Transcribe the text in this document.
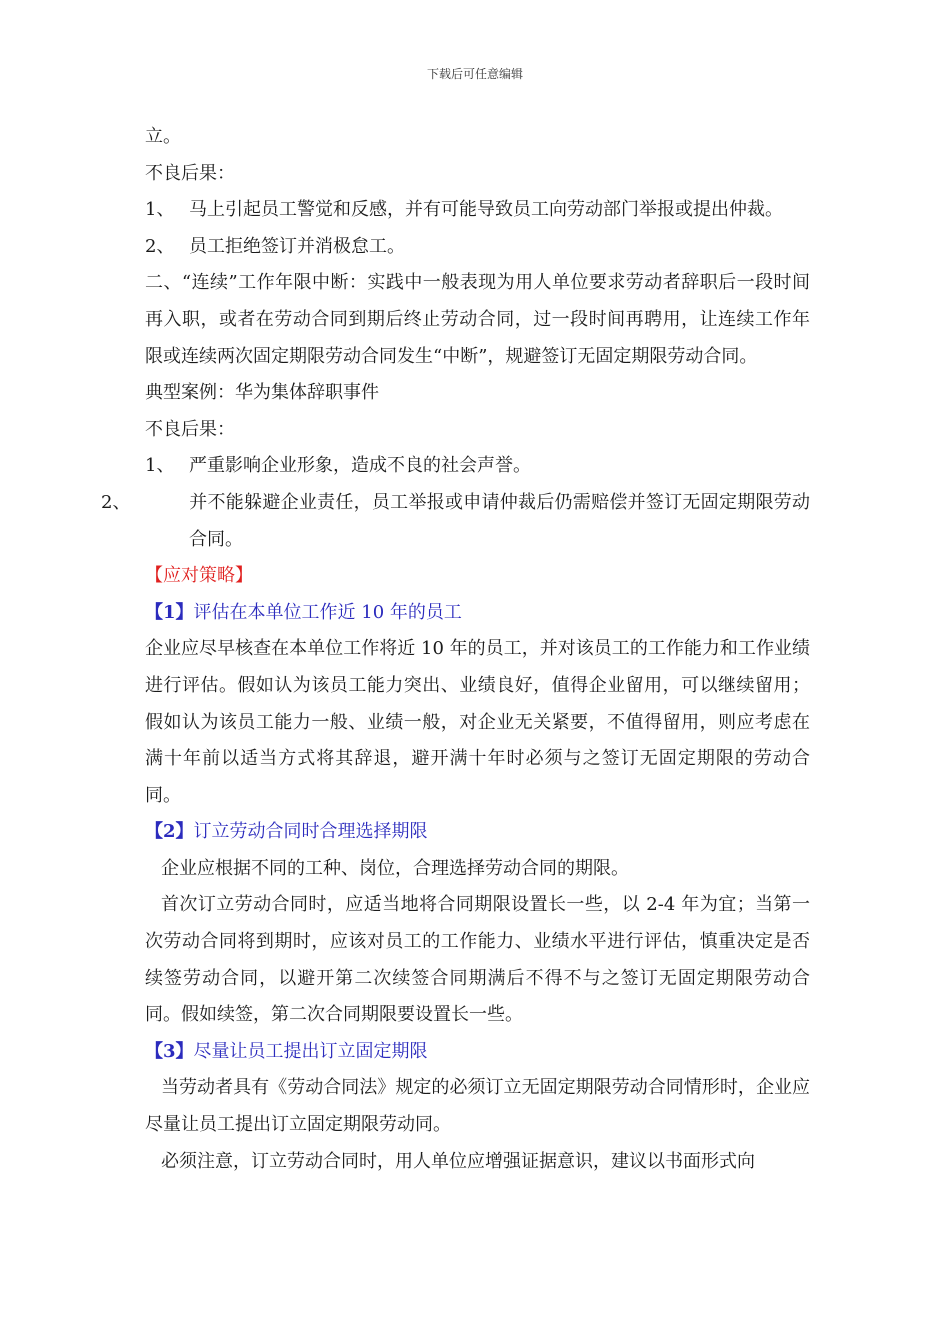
下载后可任意编辑

立。

不良后果：

1、 马上引起员工警觉和反感，并有可能导致员工向劳动部门举报或提出仲裁。

2、 员工拒绝签订并消极怠工。

二、“连续”工作年限中断：实践中一般表现为用人单位要求劳动者辞职后一段时间再入职，或者在劳动合同到期后终止劳动合同，过一段时间再聘用，让连续工作年限或连续两次固定期限劳动合同发生“中断”，规避签订无固定期限劳动合同。

典型案例：华为集体辞职事件

不良后果：

1、 严重影响企业形象，造成不良的社会声誉。

2、	并不能躲避企业责任，员工举报或申请仲裁后仍需赔偿并签订无固定期限劳动合同。

【应对策略】

【1】评估在本单位工作近 10 年的员工

企业应尽早核查在本单位工作将近 10 年的员工，并对该员工的工作能力和工作业绩进行评估。假如认为该员工能力突出、业绩良好，值得企业留用，可以继续留用；假如认为该员工能力一般、业绩一般，对企业无关紧要，不值得留用，则应考虑在满十年前以适当方式将其辞退，避开满十年时必须与之签订无固定期限的劳动合同。

【2】订立劳动合同时合理选择期限

企业应根据不同的工种、岗位，合理选择劳动合同的期限。

首次订立劳动合同时，应适当地将合同期限设置长一些，以 2-4 年为宜；当第一次劳动合同将到期时，应该对员工的工作能力、业绩水平进行评估，慎重决定是否续签劳动合同，以避开第二次续签合同期满后不得不与之签订无固定期限劳动合同。假如续签，第二次合同期限要设置长一些。

【3】尽量让员工提出订立固定期限

当劳动者具有《劳动合同法》规定的必须订立无固定期限劳动合同情形时，企业应尽量让员工提出订立固定期限劳动同。

必须注意，订立劳动合同时，用人单位应增强证据意识，建议以书面形式向
